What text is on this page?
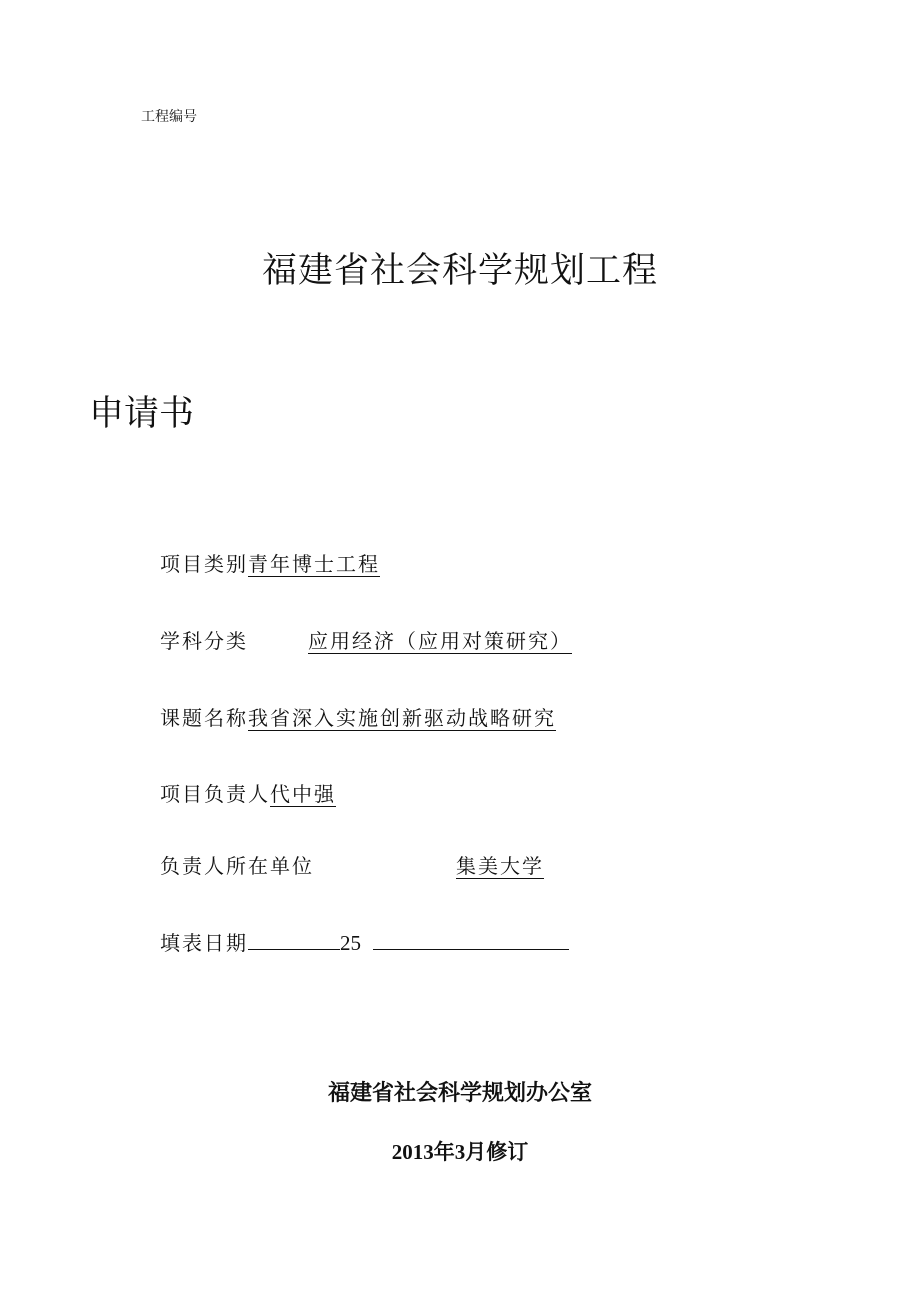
工程编号
福建省社会科学规划工程
申请书
项目类别青年博士工程
学科分类	应用经济（应用对策研究）
课题名称我省深入实施创新驱动战略研究
项目负责人代中强
负责人所在单位	集美大学
填表日期	25
福建省社会科学规划办公室
2013年3月修订
